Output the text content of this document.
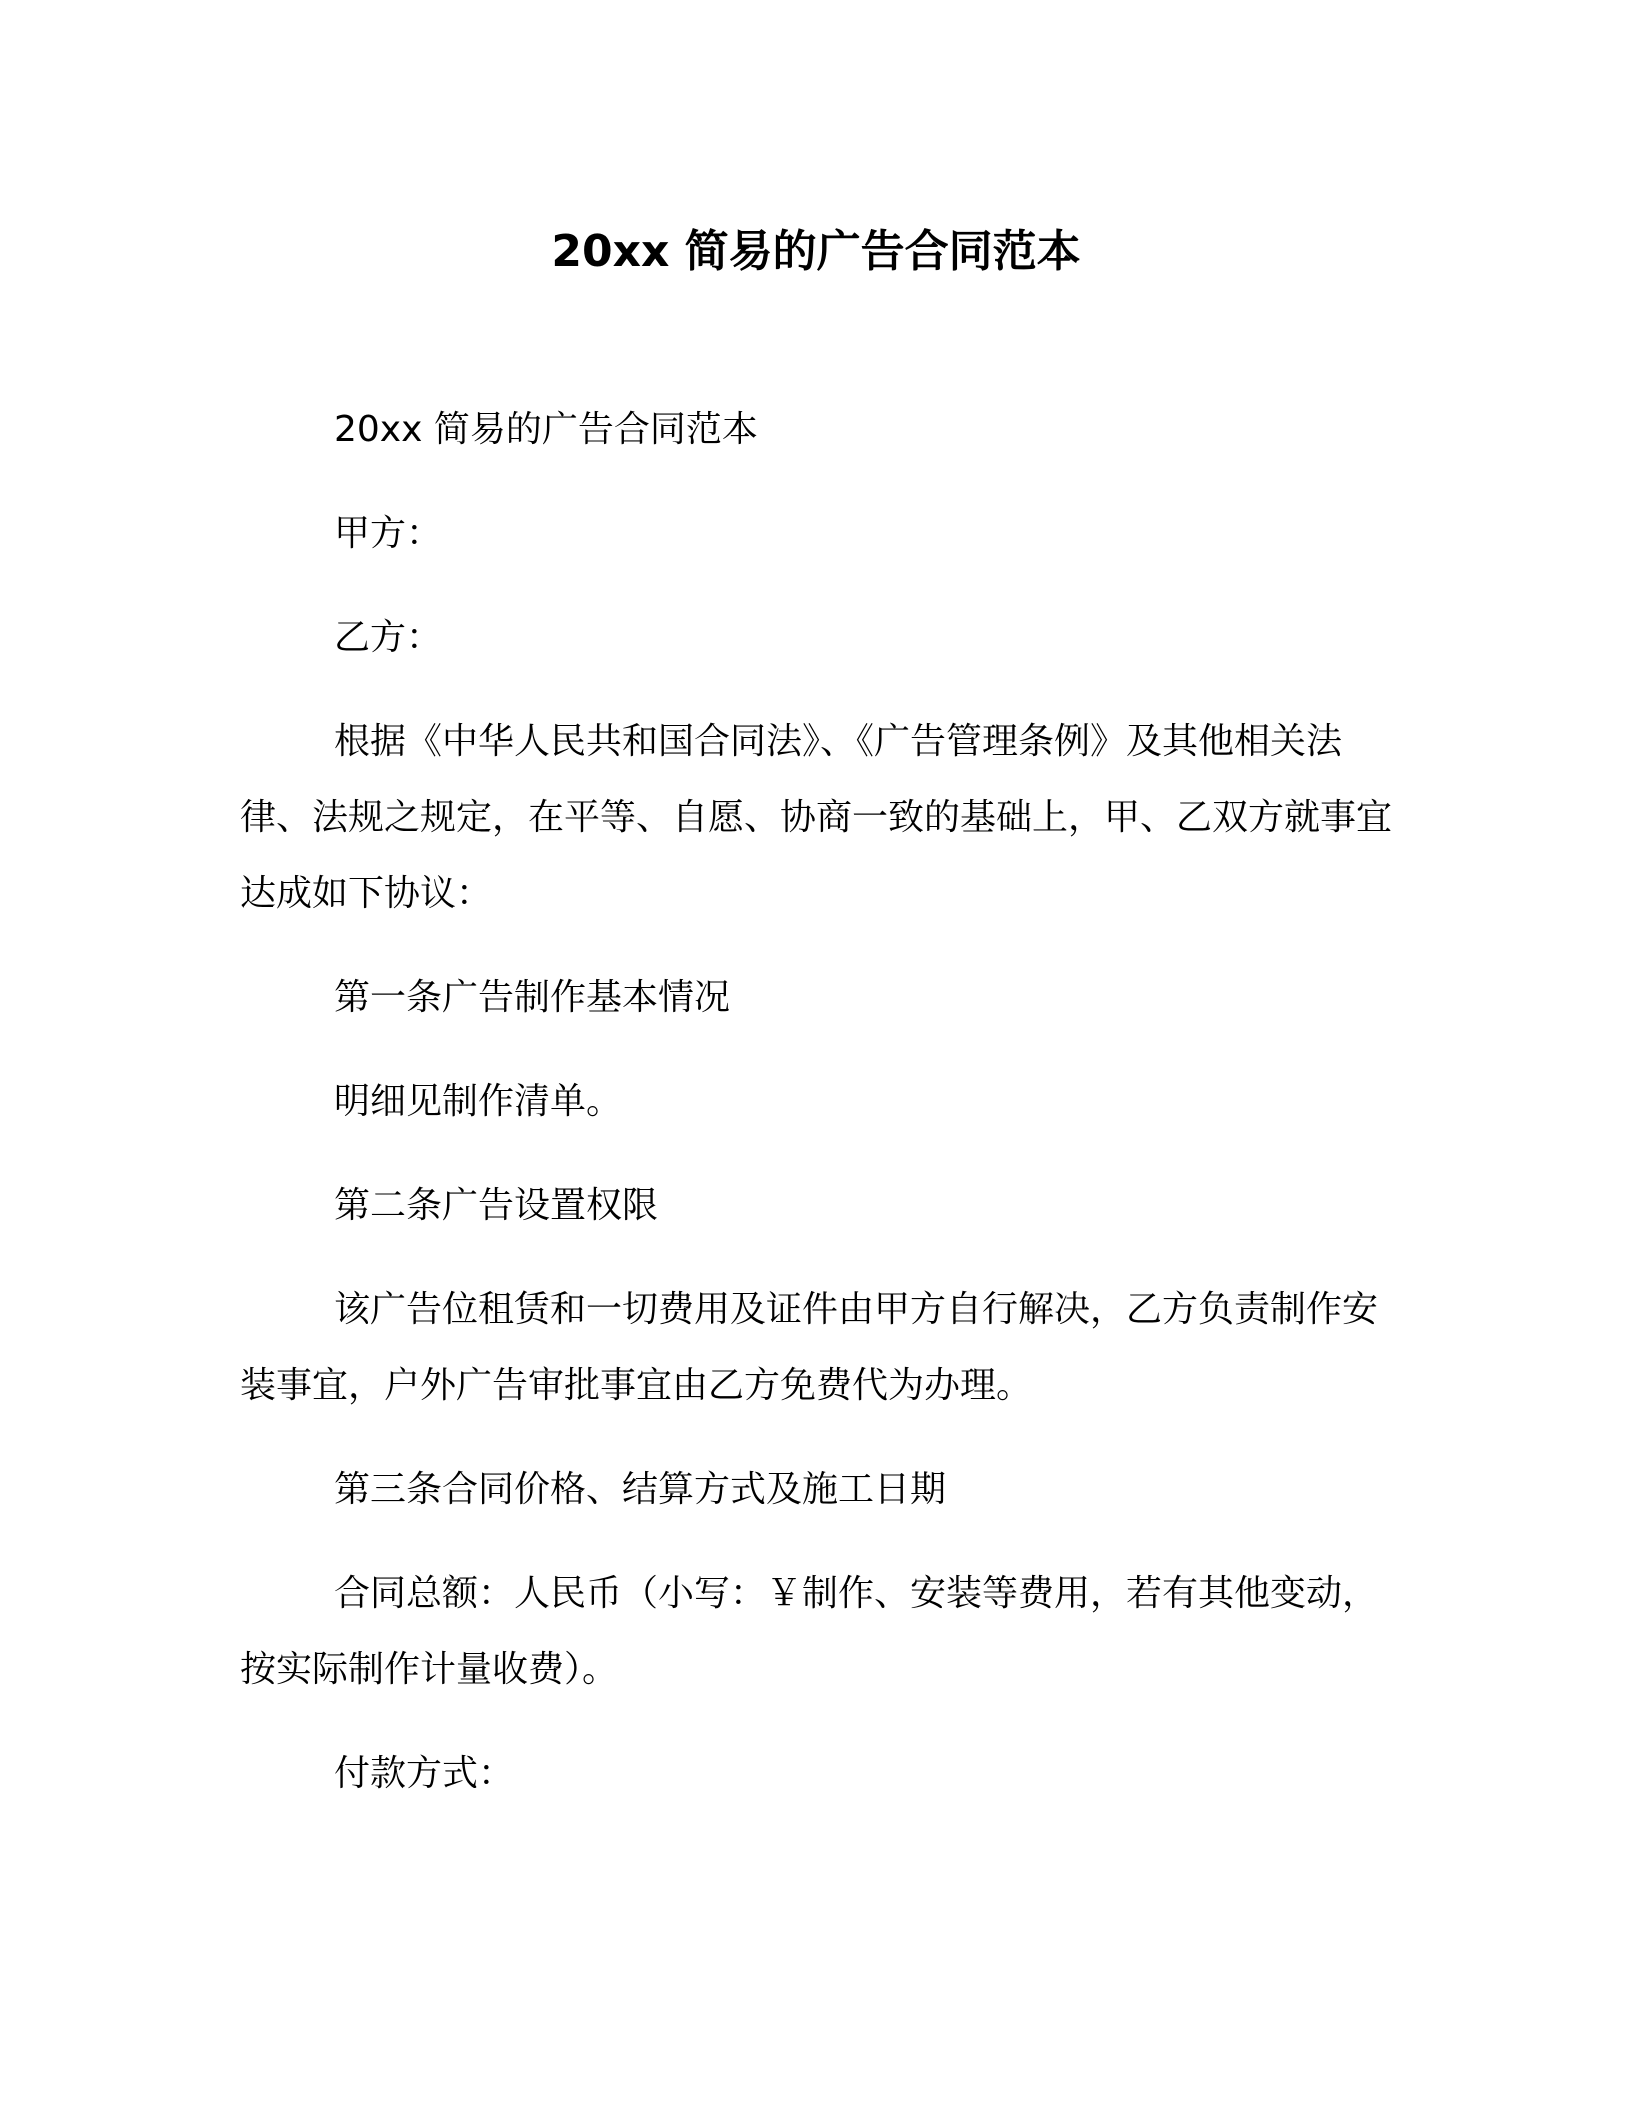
20xx 简易的广告合同范本

20xx 简易的广告合同范本

甲方：

乙方：

根据《中华人民共和国合同法》、《广告管理条例》及其他相关法律、法规之规定，在平等、自愿、协商一致的基础上，甲、乙双方就事宜达成如下协议：

第一条广告制作基本情况

明细见制作清单。

第二条广告设置权限

该广告位租赁和一切费用及证件由甲方自行解决，乙方负责制作安装事宜，户外广告审批事宜由乙方免费代为办理。

第三条合同价格、结算方式及施工日期

合同总额：人民币（小写：￥制作、安装等费用，若有其他变动，按实际制作计量收费）。

付款方式：
